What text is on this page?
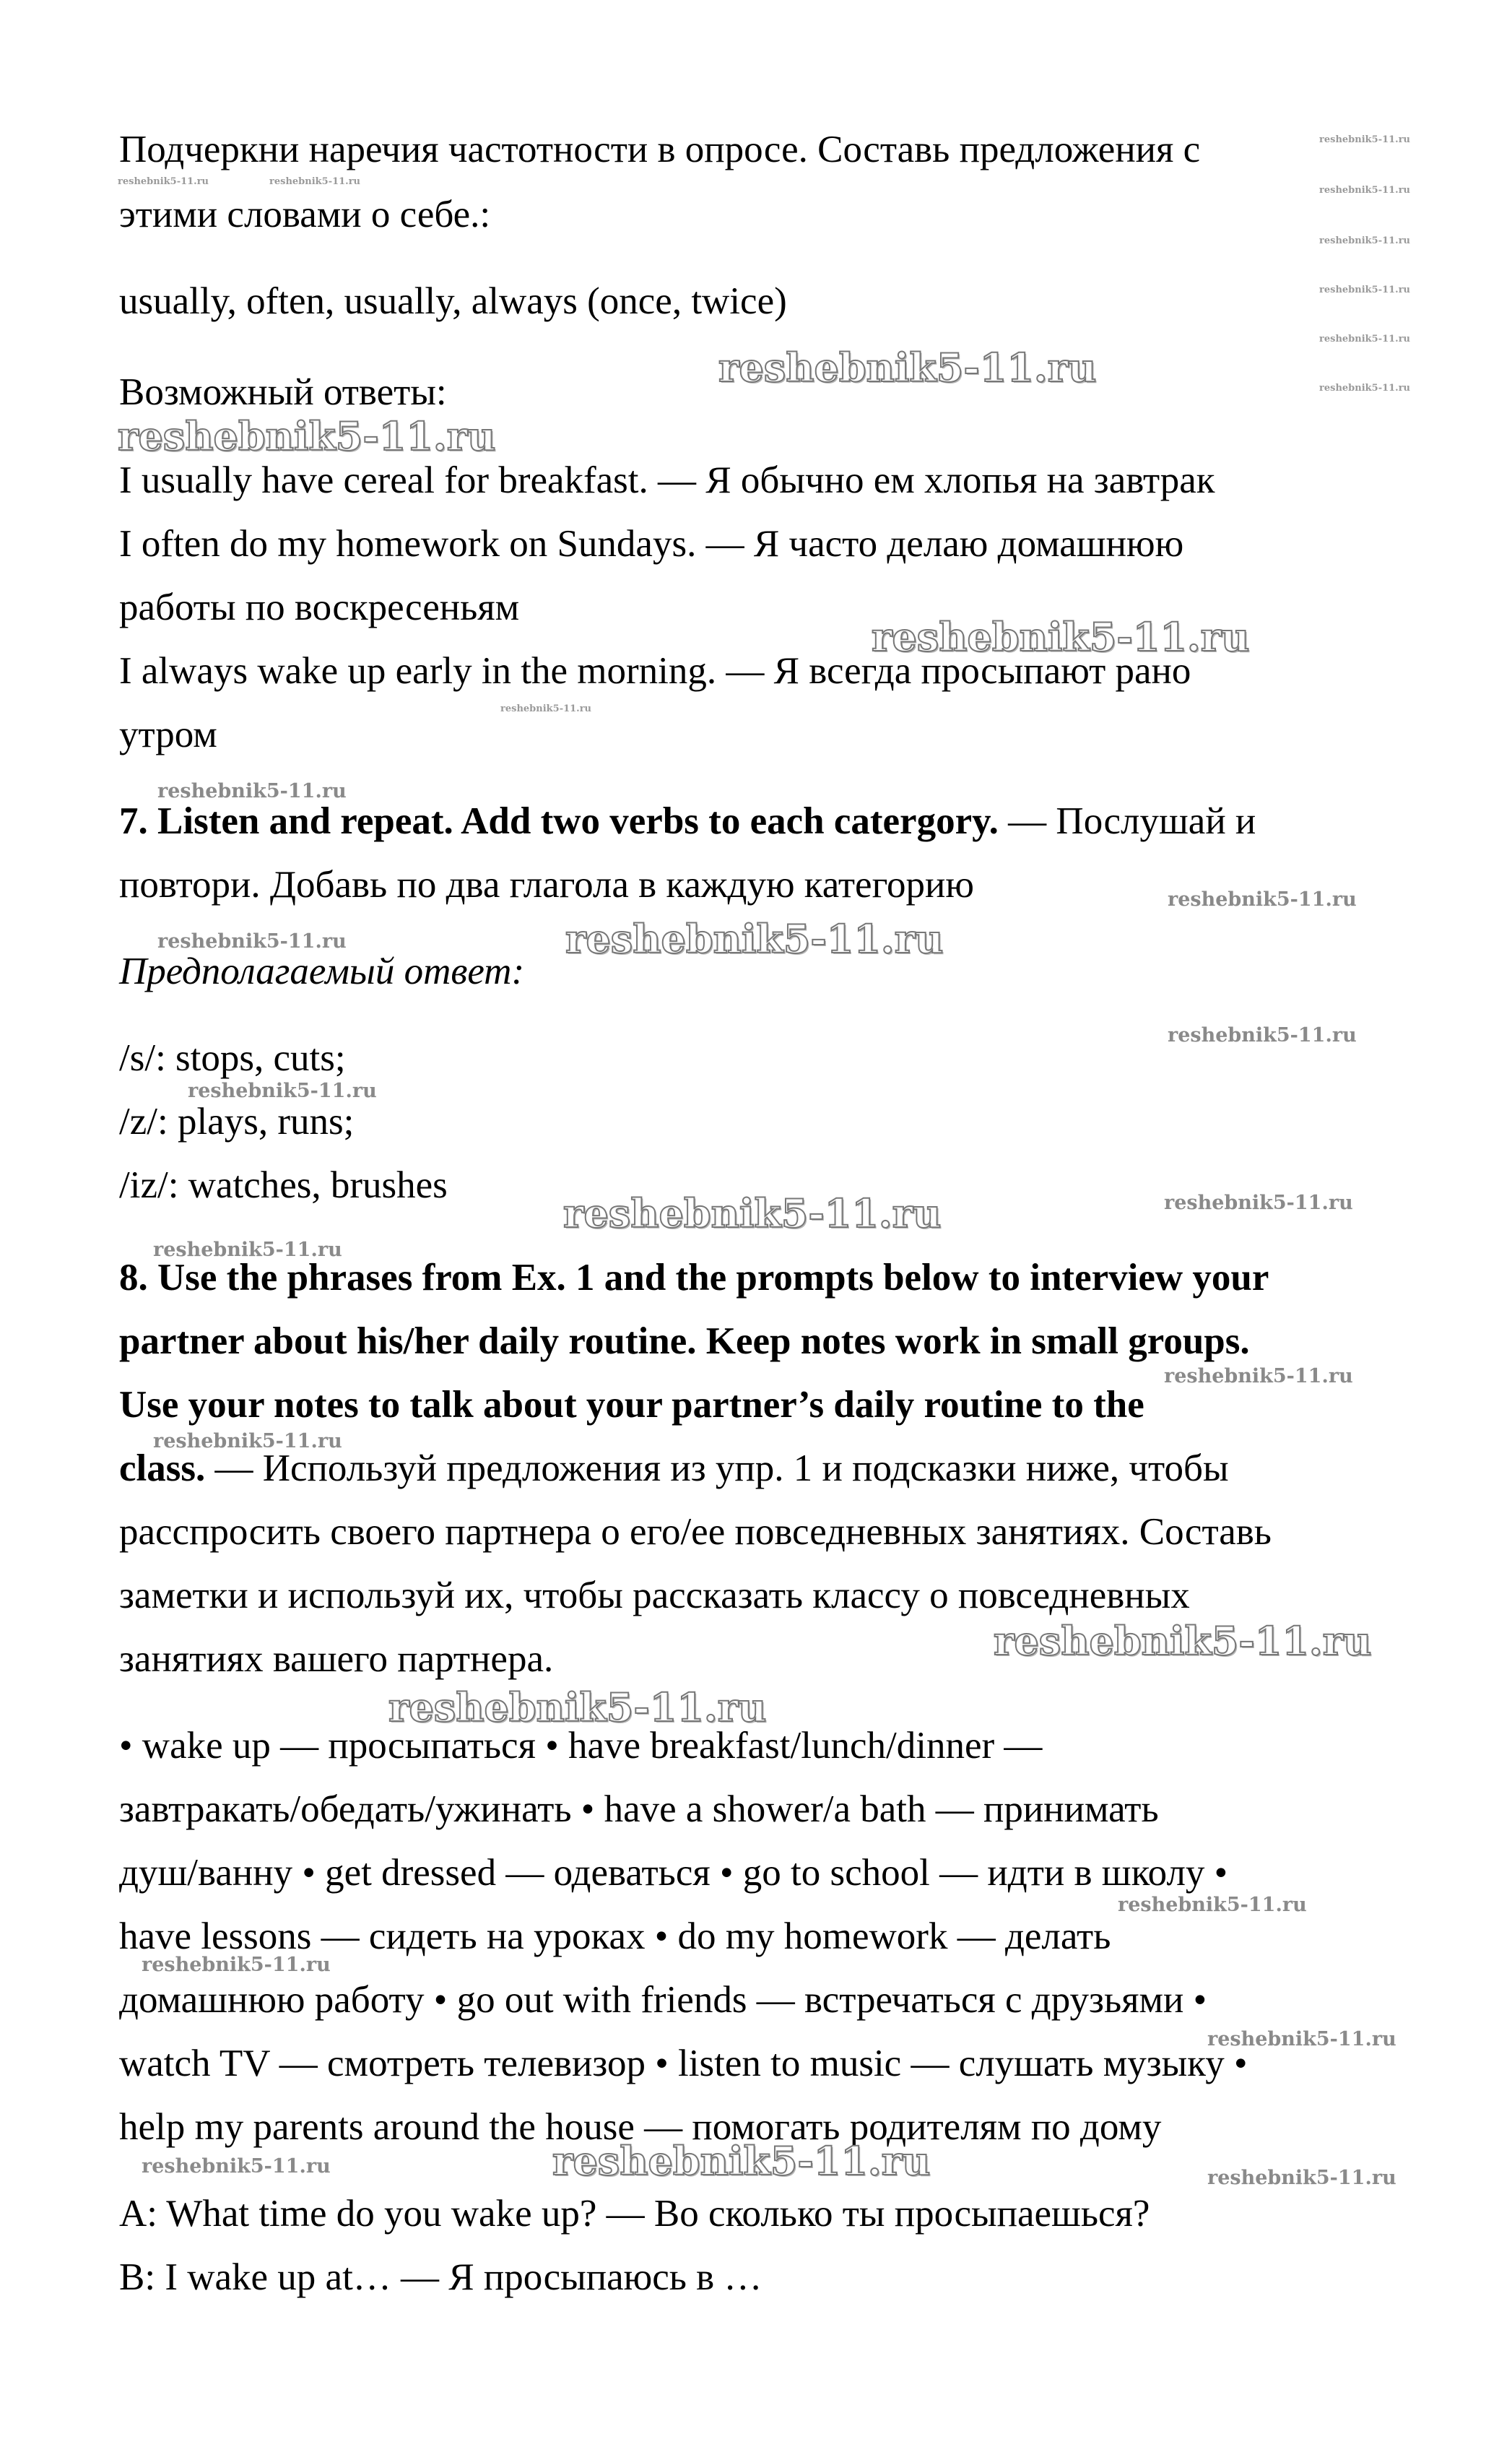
Подчеркни наречия частотности в опросе. Составь предложения с
этими словами о себе.:
usually, often, usually, always (once, twice)
Возможный ответы:
I usually have cereal for breakfast. — Я обычно ем хлопья на завтрак
I often do my homework on Sundays. — Я часто делаю домашнюю
работы по воскресеньям
I always wake up early in the morning. — Я всегда просыпают рано
утром
7. Listen and repeat. Add two verbs to each catergory. — Послушай и
повтори. Добавь по два глагола в каждую категорию
Предполагаемый ответ:
/s/: stops, cuts;
/z/: plays, runs;
/iz/: watches, brushes
8. Use the phrases from Ex. 1 and the prompts below to interview your
partner about his/her daily routine. Keep notes work in small groups.
Use your notes to talk about your partner’s daily routine to the
class. — Используй предложения из упр. 1 и подсказки ниже, чтобы
расспросить своего партнера о его/ее повседневных занятиях. Составь
заметки и используй их, чтобы рассказать классу о повседневных
занятиях вашего партнера.
• wake up — просыпаться • have breakfast/lunch/dinner —
завтракать/обедать/ужинать • have a shower/a bath — принимать
душ/ванну • get dressed — одеваться • go to school — идти в школу •
have lessons — сидеть на уроках • do my homework — делать
домашнюю работу • go out with friends — встречаться с друзьями •
watch TV — смотреть телевизор • listen to music — слушать музыку •
help my parents around the house — помогать родителям по дому
A: What time do you wake up? — Во сколько ты просыпаешься?
B: I wake up at… — Я просыпаюсь в …
reshebnik5-11.ru
reshebnik5-11.ru
reshebnik5-11.ru
reshebnik5-11.ru
reshebnik5-11.ru
reshebnik5-11.ru
reshebnik5-11.ru
reshebnik5-11.ru
reshebnik5-11.ru
reshebnik5-11.ru
reshebnik5-11.ru
reshebnik5-11.ru
reshebnik5-11.ru
reshebnik5-11.ru
reshebnik5-11.ru
reshebnik5-11.ru
reshebnik5-11.ru
reshebnik5-11.ru
reshebnik5-11.ru
reshebnik5-11.ru
reshebnik5-11.ru
reshebnik5-11.ru
reshebnik5-11.ru	reshebnik5-11.ru
reshebnik5-11.ru
reshebnik5-11.ru
reshebnik5-11.ru
reshebnik5-11.ru
reshebnik5-11.ru
reshebnik5-11.ru
reshebnik5-11.ru
